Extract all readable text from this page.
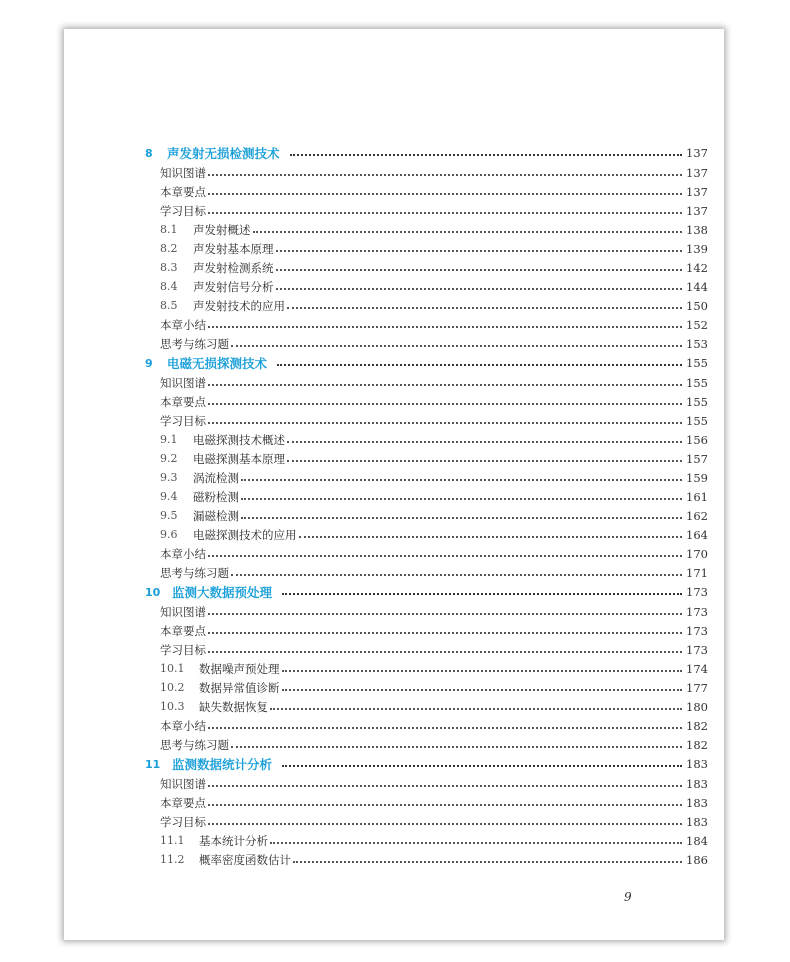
8	声发射无损检测技术	137
知识图谱	137
本章要点	137
学习目标	137
8.1	声发射概述	138
8.2	声发射基本原理	139
8.3	声发射检测系统	142
8.4	声发射信号分析	144
8.5	声发射技术的应用	150
本章小结	152
思考与练习题	153
9	电磁无损探测技术	155
知识图谱	155
本章要点	155
学习目标	155
9.1	电磁探测技术概述	156
9.2	电磁探测基本原理	157
9.3	涡流检测	159
9.4	磁粉检测	161
9.5	漏磁检测	162
9.6	电磁探测技术的应用	164
本章小结	170
思考与练习题	171
10 监测大数据预处理	173
知识图谱	173
本章要点	173
学习目标	173
10.1	数据噪声预处理	174
10.2	数据异常值诊断	177
10.3	缺失数据恢复	180
本章小结	182
思考与练习题	182
11 监测数据统计分析	183
知识图谱	183
本章要点	183
学习目标	183
11.1	基本统计分析	184
11.2	概率密度函数估计	186
9
